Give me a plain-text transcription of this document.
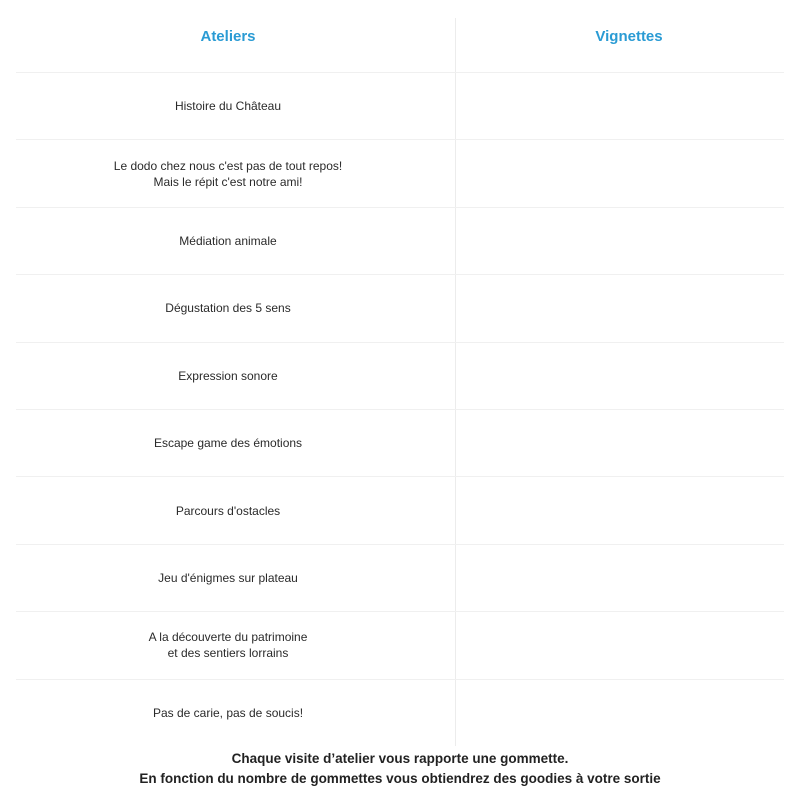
Ateliers	Vignettes
Histoire du Château
Le dodo chez nous c'est pas de tout repos!
Mais le répit c'est notre ami!
Médiation animale
Dégustation des 5 sens
Expression sonore
Escape game des émotions
Parcours d'ostacles
Jeu d'énigmes sur plateau
A la découverte du patrimoine
et des sentiers lorrains
Pas de carie, pas de soucis!
Chaque visite d’atelier vous rapporte une gommette.
En fonction du nombre de gommettes vous obtiendrez des goodies à votre sortie
